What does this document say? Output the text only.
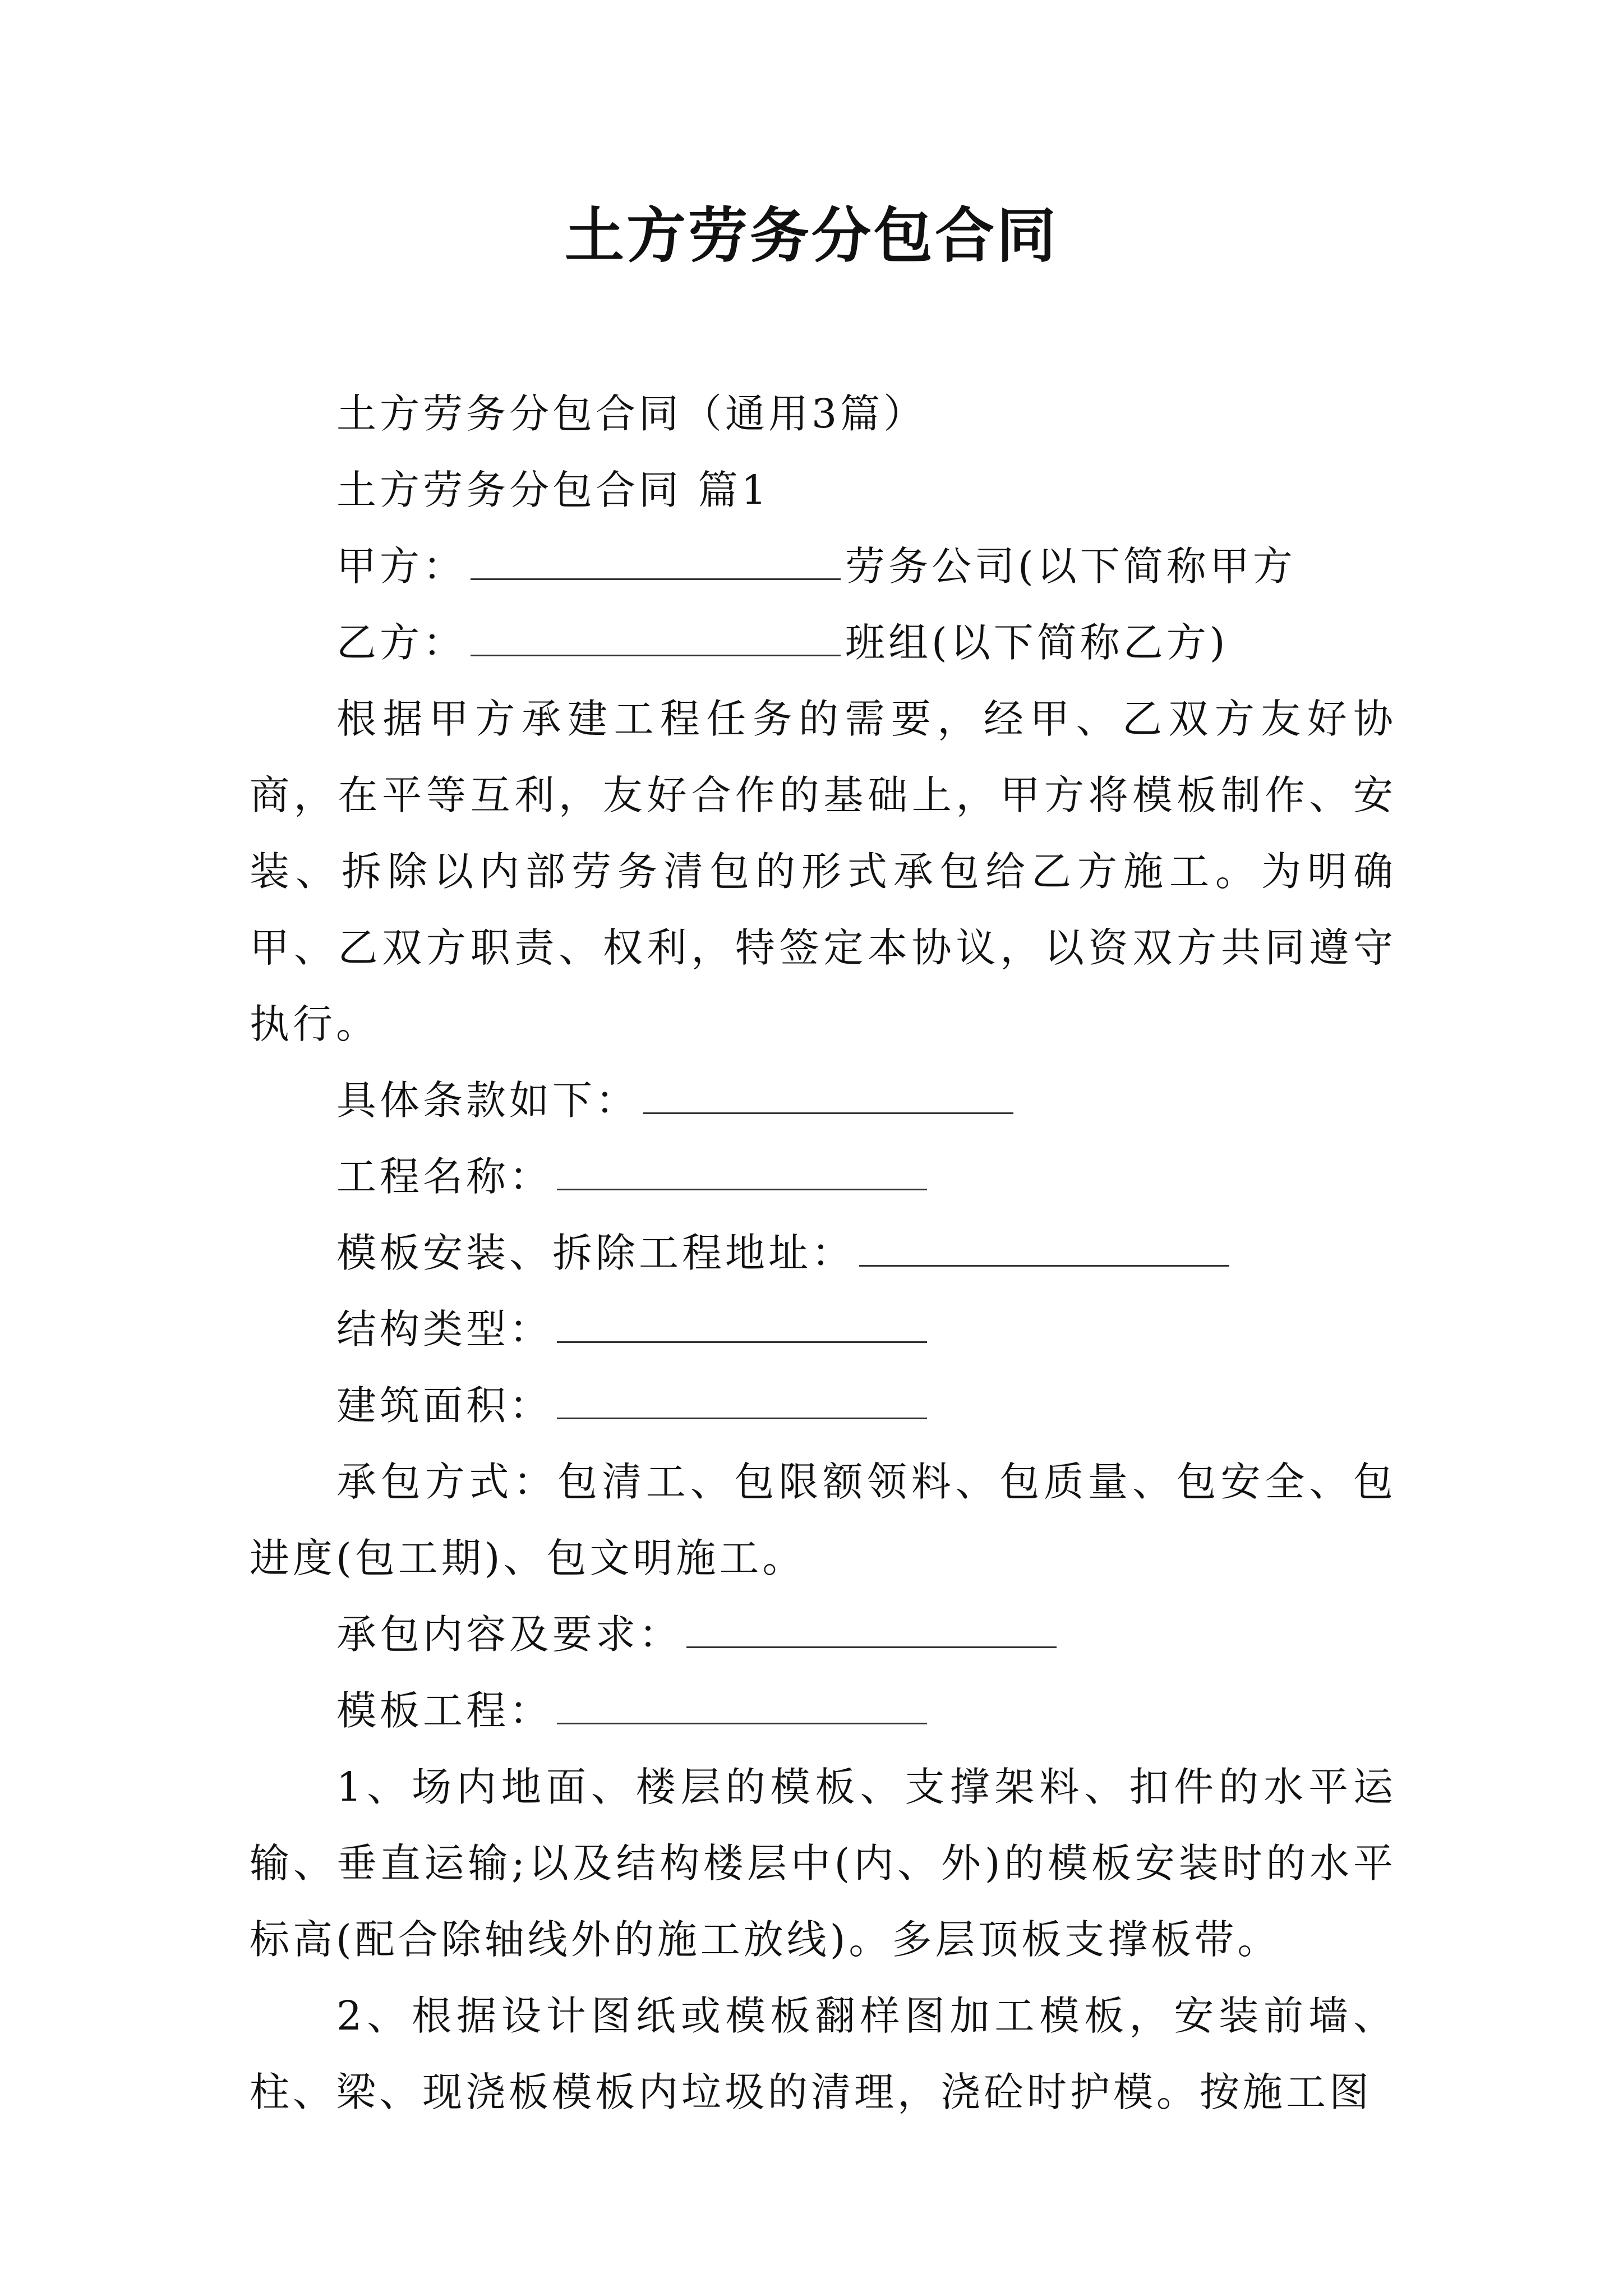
土方劳务分包合同

土方劳务分包合同（通用3篇）

土方劳务分包合同 篇1

甲方：	劳务公司(以下简称甲方

乙方：	班组(以下简称乙方)

根据甲方承建工程任务的需要，经甲、乙双方友好协商，在平等互利，友好合作的基础上，甲方将模板制作、安装、拆除以内部劳务清包的形式承包给乙方施工。为明确甲、乙双方职责、权利，特签定本协议，以资双方共同遵守执行。

具体条款如下：

工程名称：

模板安装、拆除工程地址：

结构类型：

建筑面积：

承包方式：包清工、包限额领料、包质量、包安全、包进度(包工期)、包文明施工。

承包内容及要求：

模板工程：

1、场内地面、楼层的模板、支撑架料、扣件的水平运输、垂直运输;以及结构楼层中(内、外)的模板安装时的水平标高(配合除轴线外的施工放线)。多层顶板支撑板带。

2、根据设计图纸或模板翻样图加工模板，安装前墙、柱、梁、现浇板模板内垃圾的清理，浇砼时护模。按施工图
